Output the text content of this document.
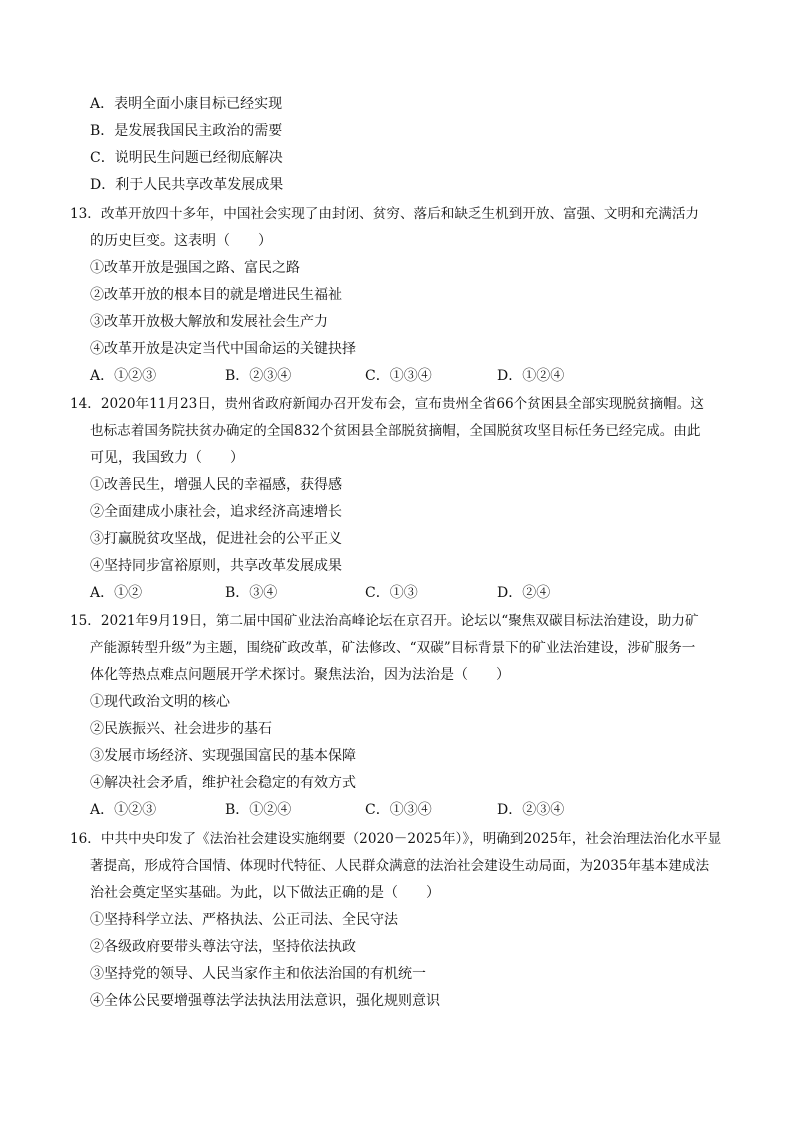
A．表明全面小康目标已经实现
B．是发展我国民主政治的需要
C．说明民生问题已经彻底解决
D．利于人民共享改革发展成果
13．改革开放四十多年，中国社会实现了由封闭、贫穷、落后和缺乏生机到开放、富强、文明和充满活力
的历史巨变。这表明（　　）
①改革开放是强国之路、富民之路
②改革开放的根本目的就是增进民生福祉
③改革开放极大解放和发展社会生产力
④改革开放是决定当代中国命运的关键抉择
A．①②③	B．②③④	C．①③④	D．①②④
14．2020年11月23日，贵州省政府新闻办召开发布会，宣布贵州全省66个贫困县全部实现脱贫摘帽。这
也标志着国务院扶贫办确定的全国832个贫困县全部脱贫摘帽，全国脱贫攻坚目标任务已经完成。由此
可见，我国致力（　　）
①改善民生，增强人民的幸福感，获得感
②全面建成小康社会，追求经济高速增长
③打赢脱贫攻坚战，促进社会的公平正义
④坚持同步富裕原则，共享改革发展成果
A．①②	B．③④	C．①③	D．②④
15．2021年9月19日，第二届中国矿业法治高峰论坛在京召开。论坛以“聚焦双碳目标法治建设，助力矿
产能源转型升级”为主题，围绕矿政改革，矿法修改、“双碳”目标背景下的矿业法治建设，涉矿服务一
体化等热点难点问题展开学术探讨。聚焦法治，因为法治是（　　）
①现代政治文明的核心
②民族振兴、社会进步的基石
③发展市场经济、实现强国富民的基本保障
④解决社会矛盾，维护社会稳定的有效方式
A．①②③	B．①②④	C．①③④	D．②③④
16．中共中央印发了《法治社会建设实施纲要（2020－2025年）》，明确到2025年，社会治理法治化水平显
著提高，形成符合国情、体现时代特征、人民群众满意的法治社会建设生动局面，为2035年基本建成法
治社会奠定坚实基础。为此，以下做法正确的是（　　）
①坚持科学立法、严格执法、公正司法、全民守法
②各级政府要带头尊法守法，坚持依法执政
③坚持党的领导、人民当家作主和依法治国的有机统一
④全体公民要增强尊法学法执法用法意识，强化规则意识
